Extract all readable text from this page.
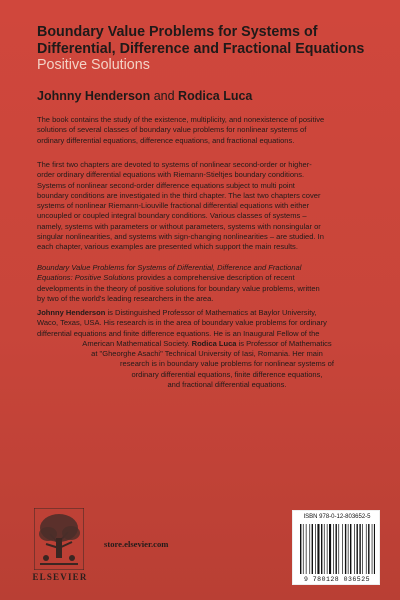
Boundary Value Problems for Systems of
Differential, Difference and Fractional Equations
Positive Solutions
Johnny Henderson and Rodica Luca
The book contains the study of the existence, multiplicity, and nonexistence of positive
solutions of several classes of boundary value problems for nonlinear systems of
ordinary differential equations, difference equations, and fractional equations.
The first two chapters are devoted to systems of nonlinear second-order or higher-
order ordinary differential equations with Riemann-Stieltjes boundary conditions.
Systems of nonlinear second-order difference equations subject to multi point
boundary conditions are investigated in the third chapter. The last two chapters cover
systems of nonlinear Riemann-Liouville fractional differential equations with either
uncoupled or coupled integral boundary conditions. Various classes of systems –
namely, systems with parameters or without parameters, systems with nonsingular or
singular nonlinearities, and systems with sign-changing nonlinearities – are studied. In
each chapter, various examples are presented which support the main results.
Boundary Value Problems for Systems of Differential, Difference and Fractional
Equations: Positive Solutions provides a comprehensive description of recent
developments in the theory of positive solutions for boundary value problems, written
by two of the world's leading researchers in the area.
Johnny Henderson is Distinguished Professor of Mathematics at Baylor University,
Waco, Texas, USA. His research is in the area of boundary value problems for ordinary
differential equations and finite difference equations. He is an Inaugural Fellow of the
American Mathematical Society. Rodica Luca is Professor of Mathematics
at "Gheorghe Asachi" Technical University of Iasi, Romania. Her main
research is in boundary value problems for nonlinear systems of
ordinary differential equations, finite difference equations,
and fractional differential equations.
ELSEVIER
store.elsevier.com
ISBN 978-0-12-803652-5
9 780128 036525
